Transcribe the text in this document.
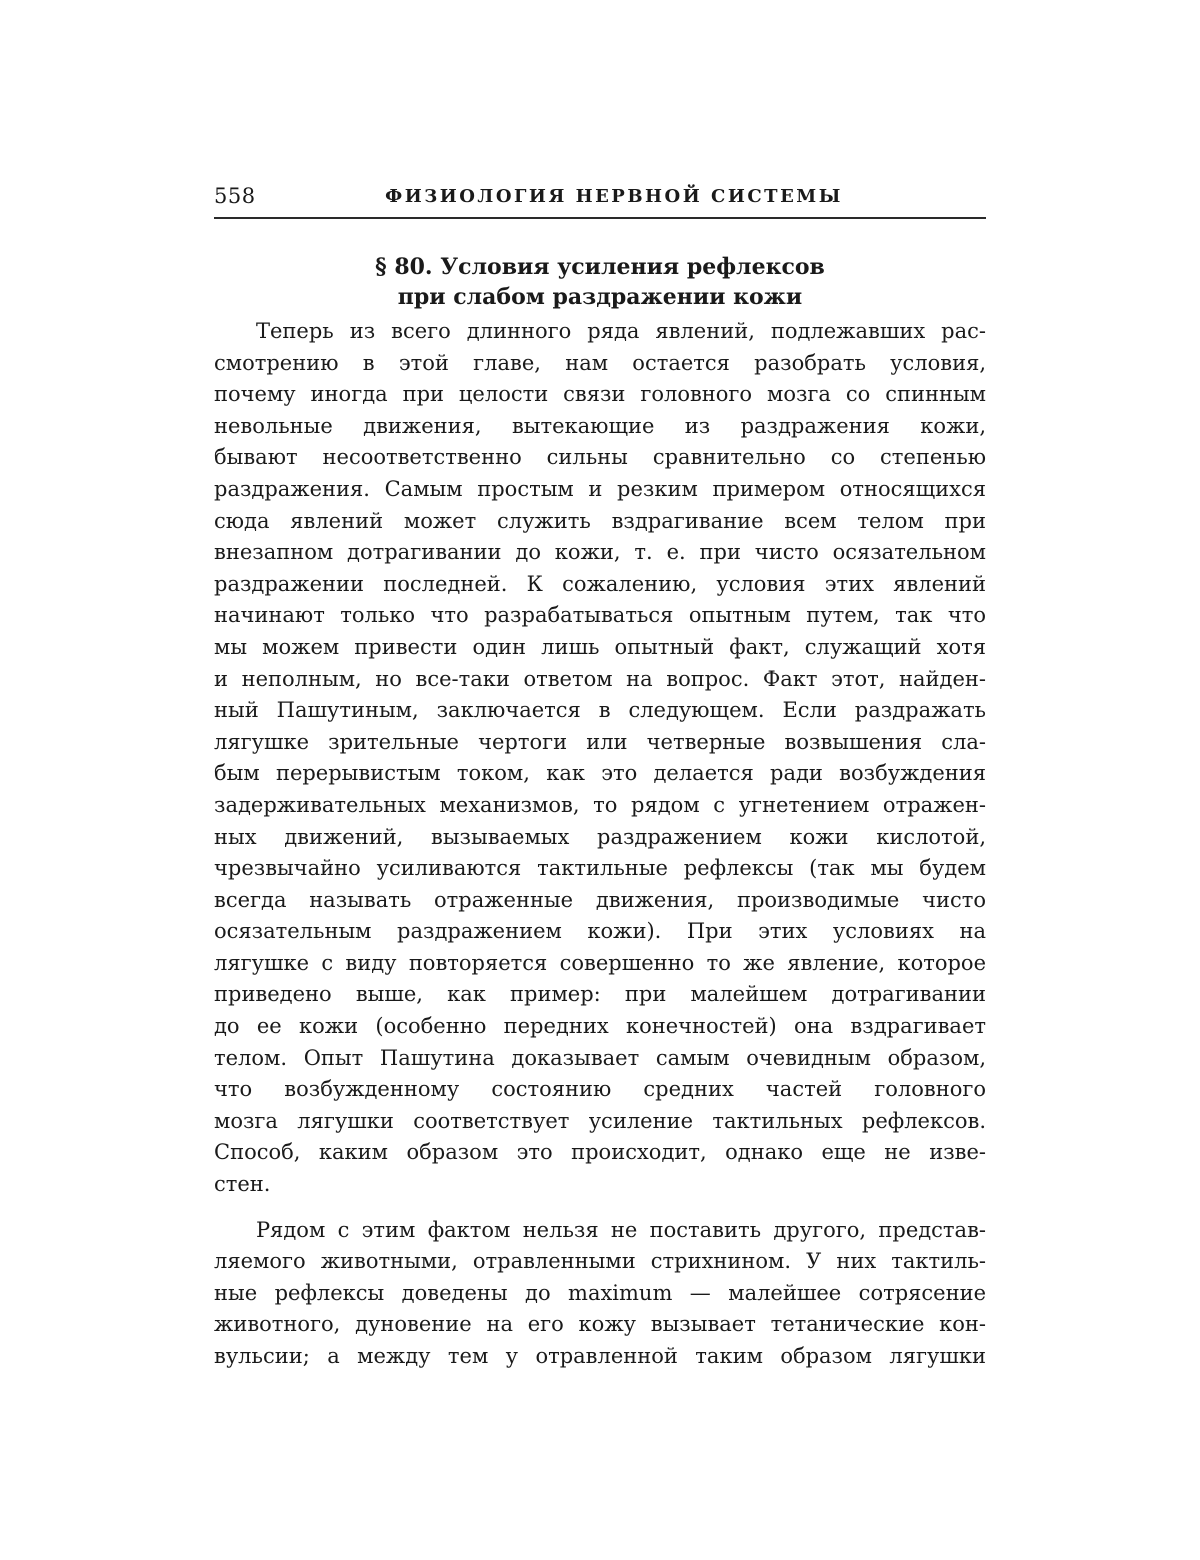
558	ФИЗИОЛОГИЯ НЕРВНОЙ СИСТЕМЫ
§ 80. Условия усиления рефлексов
при слабом раздражении кожи
Теперь из всего длинного ряда явлений, подлежавших рас-
смотрению в этой главе, нам остается разобрать условия,
почему иногда при целости связи головного мозга со спинным
невольные движения, вытекающие из раздражения кожи,
бывают несоответственно сильны сравнительно со степенью
раздражения. Самым простым и резким примером относящихся
сюда явлений может служить вздрагивание всем телом при
внезапном дотрагивании до кожи, т. е. при чисто осязательном
раздражении последней. К сожалению, условия этих явлений
начинают только что разрабатываться опытным путем, так что
мы можем привести один лишь опытный факт, служащий хотя
и неполным, но все-таки ответом на вопрос. Факт этот, найден-
ный Пашутиным, заключается в следующем. Если раздражать
лягушке зрительные чертоги или четверные возвышения сла-
бым перерывистым током, как это делается ради возбуждения
задерживательных механизмов, то рядом с угнетением отражен-
ных движений, вызываемых раздражением кожи кислотой,
чрезвычайно усиливаются тактильные рефлексы (так мы будем
всегда называть отраженные движения, производимые чисто
осязательным раздражением кожи). При этих условиях на
лягушке с виду повторяется совершенно то же явление, которое
приведено выше, как пример: при малейшем дотрагивании
до ее кожи (особенно передних конечностей) она вздрагивает
телом. Опыт Пашутина доказывает самым очевидным образом,
что возбужденному состоянию средних частей головного
мозга лягушки соответствует усиление тактильных рефлексов.
Способ, каким образом это происходит, однако еще не изве-
стен.
Рядом с этим фактом нельзя не поставить другого, представ-
ляемого животными, отравленными стрихнином. У них тактиль-
ные рефлексы доведены до maximum — малейшее сотрясение
животного, дуновение на его кожу вызывает тетанические кон-
вульсии; а между тем у отравленной таким образом лягушки
